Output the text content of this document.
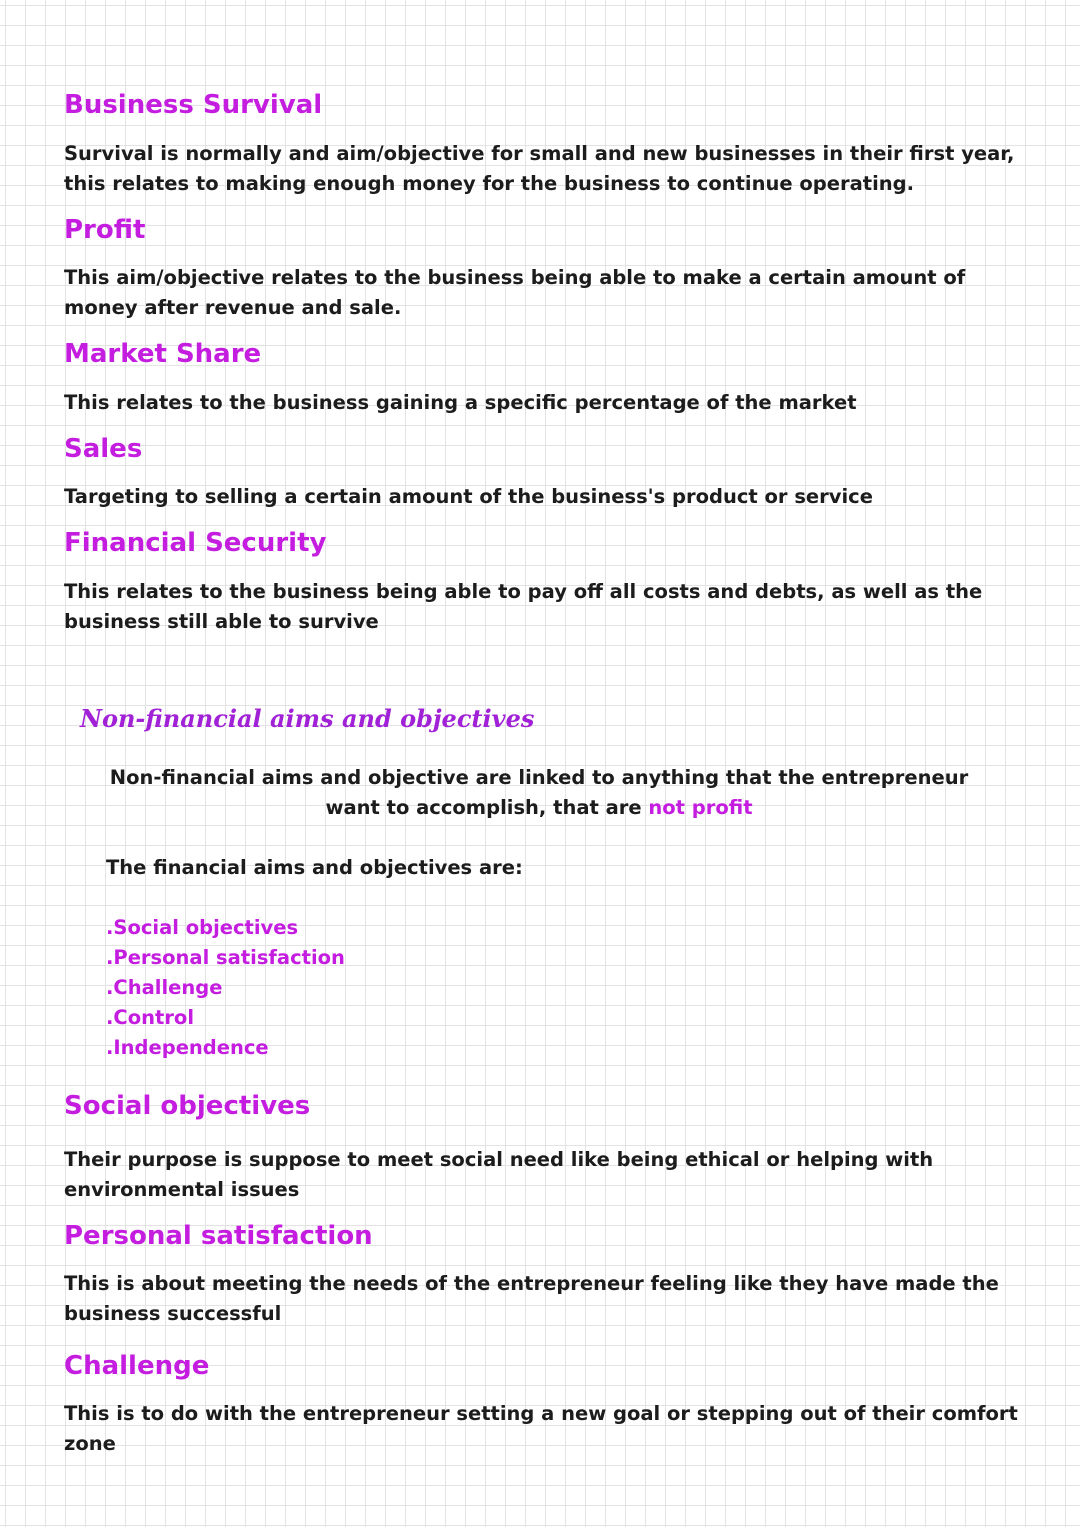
Business Survival

Survival is normally and aim/objective for small and new businesses in their first year, this relates to making enough money for the business to continue operating.

Profit

This aim/objective relates to the business being able to make a certain amount of money after revenue and sale.

Market Share

This relates to the business gaining a specific percentage of the market

Sales

Targeting to selling a certain amount of the business's product or service

Financial Security

This relates to the business being able to pay off all costs and debts, as well as the business still able to survive

Non-financial aims and objectives

Non-financial aims and objective are linked to anything that the entrepreneur
want to accomplish, that are not profit

The financial aims and objectives are:

.Social objectives
.Personal satisfaction
.Challenge
.Control
.Independence
Social objectives

Their purpose is suppose to meet social need like being ethical or helping with environmental issues

Personal satisfaction

This is about meeting the needs of the entrepreneur feeling like they have made the business successful

Challenge

This is to do with the entrepreneur setting a new goal or stepping out of their comfort zone
